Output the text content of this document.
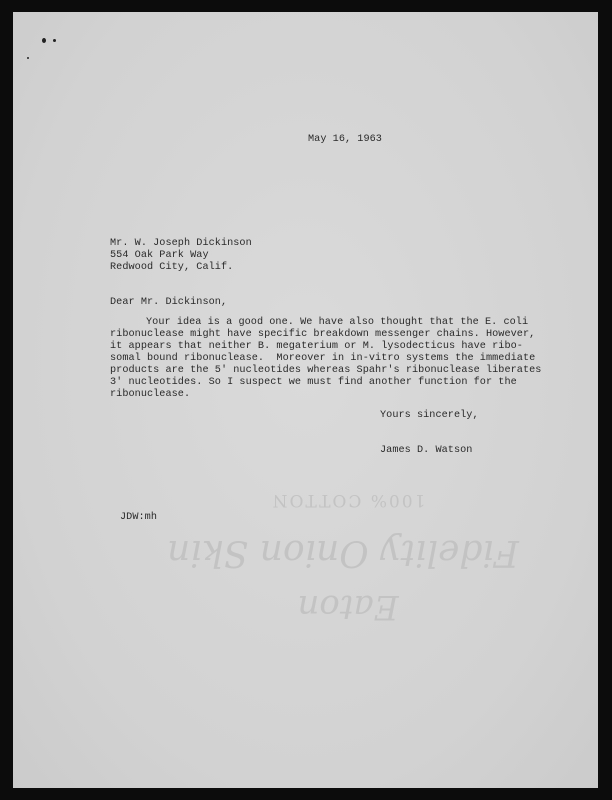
Eaton
Fidelity Onion Skin
100% COTTON
May 16, 1963
Mr. W. Joseph Dickinson
554 Oak Park Way
Redwood City, Calif.
Dear Mr. Dickinson,
Your idea is a good one. We have also thought that the E. coli
ribonuclease might have specific breakdown messenger chains. However,
it appears that neither B. megaterium or M. lysodecticus have ribo-
somal bound ribonuclease.  Moreover in in-vitro systems the immediate
products are the 5' nucleotides whereas Spahr's ribonuclease liberates
3' nucleotides. So I suspect we must find another function for the
ribonuclease.
Yours sincerely,
James D. Watson
JDW:mh
